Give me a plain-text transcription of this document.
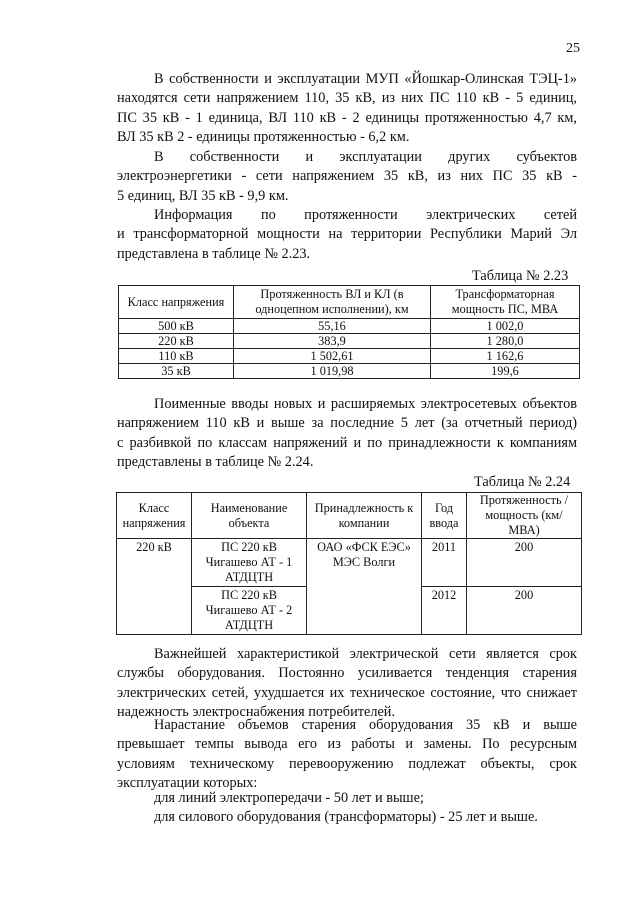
25
В собственности и эксплуатации МУП «Йошкар-Олинская ТЭЦ-1»
находятся сети напряжением 110, 35 кВ, из них ПС 110 кВ - 5 единиц,
ПС 35 кВ - 1 единица, ВЛ 110 кВ - 2 единицы протяженностью 4,7 км,
ВЛ 35 кВ 2 - единицы протяженностью - 6,2 км.
В собственности и эксплуатации других субъектов
электроэнергетики - сети напряжением 35 кВ, из них ПС 35 кВ -
5 единиц, ВЛ 35 кВ - 9,9 км.
Информация по протяженности электрических сетей
и трансформаторной мощности на территории Республики Марий Эл
представлена в таблице № 2.23.
Таблица № 2.23
Класс напряжения	Протяженность ВЛ и КЛ (в одноцепном исполнении), км	Трансформаторная мощность ПС, МВА
500 кВ	55,16	1 002,0
220 кВ	383,9	1 280,0
110 кВ	1 502,61	1 162,6
35 кВ	1 019,98	199,6
Поименные вводы новых и расширяемых электросетевых объектов
напряжением 110 кВ и выше за последние 5 лет (за отчетный период)
с разбивкой по классам напряжений и по принадлежности к компаниям
представлены в таблице № 2.24.
Таблица № 2.24
Класс напряжения	Наименование объекта	Принадлежность к компании	Год ввода	Протяженность /мощность (км/МВА)
220 кВ	ПС 220 кВ Чигашево АТ - 1 АТДЦТН	ОАО «ФСК ЕЭС» МЭС Волги	2011	200
	ПС 220 кВ Чигашево АТ - 2 АТДЦТН		2012	200
Важнейшей характеристикой электрической сети является срок
службы оборудования. Постоянно усиливается тенденция старения
электрических сетей, ухудшается их техническое состояние, что снижает
надежность электроснабжения потребителей.
Нарастание объемов старения оборудования 35 кВ и выше
превышает темпы вывода его из работы и замены. По ресурсным
условиям техническому перевооружению подлежат объекты, срок
эксплуатации которых:
для линий электропередачи - 50 лет и выше;
для силового оборудования (трансформаторы) - 25 лет и выше.
